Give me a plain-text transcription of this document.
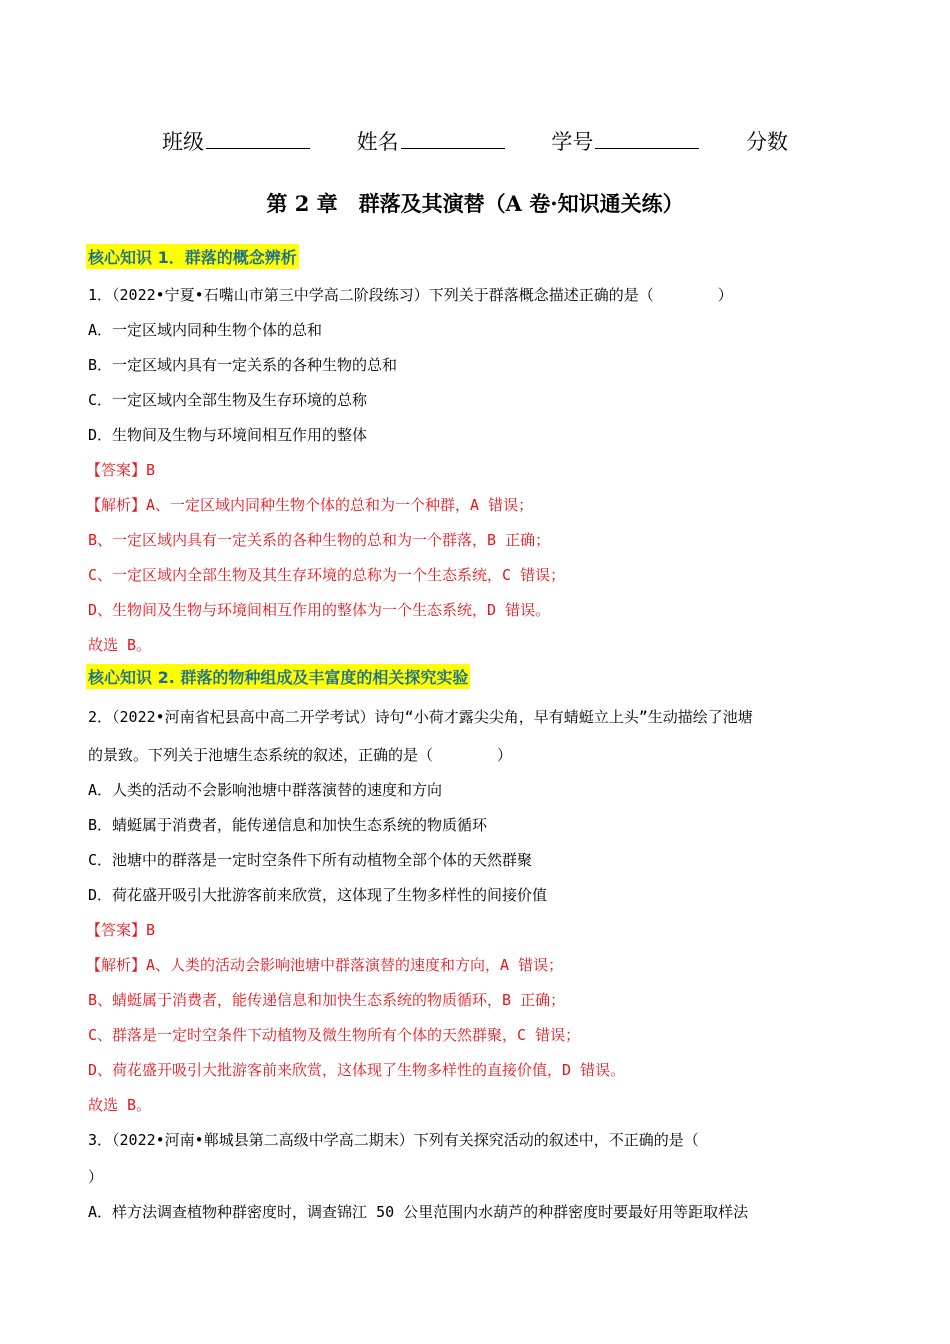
班级	姓名	学号	分数
第 2 章　群落及其演替（A 卷·知识通关练）
核心知识 1．群落的概念辨析
1．（2022•宁夏•石嘴山市第三中学高二阶段练习）下列关于群落概念描述正确的是（	）
A．一定区域内同种生物个体的总和
B．一定区域内具有一定关系的各种生物的总和
C．一定区域内全部生物及生存环境的总称
D．生物间及生物与环境间相互作用的整体
【答案】B
【解析】A、一定区域内同种生物个体的总和为一个种群，A 错误；
B、一定区域内具有一定关系的各种生物的总和为一个群落，B 正确；
C、一定区域内全部生物及其生存环境的总称为一个生态系统，C 错误；
D、生物间及生物与环境间相互作用的整体为一个生态系统，D 错误。
故选 B。
核心知识 2. 群落的物种组成及丰富度的相关探究实验
2．（2022•河南省杞县高中高二开学考试）诗句“小荷才露尖尖角，早有蜻蜓立上头”生动描绘了池塘
的景致。下列关于池塘生态系统的叙述，正确的是（	）
A．人类的活动不会影响池塘中群落演替的速度和方向
B．蜻蜓属于消费者，能传递信息和加快生态系统的物质循环
C．池塘中的群落是一定时空条件下所有动植物全部个体的天然群聚
D．荷花盛开吸引大批游客前来欣赏，这体现了生物多样性的间接价值
【答案】B
【解析】A、人类的活动会影响池塘中群落演替的速度和方向，A 错误；
B、蜻蜓属于消费者，能传递信息和加快生态系统的物质循环，B 正确；
C、群落是一定时空条件下动植物及微生物所有个体的天然群聚，C 错误；
D、荷花盛开吸引大批游客前来欣赏，这体现了生物多样性的直接价值，D 错误。
故选 B。
3．（2022•河南•郸城县第二高级中学高二期末）下列有关探究活动的叙述中，不正确的是（
）
A．样方法调查植物种群密度时，调查锦江 50 公里范围内水葫芦的种群密度时要最好用等距取样法
